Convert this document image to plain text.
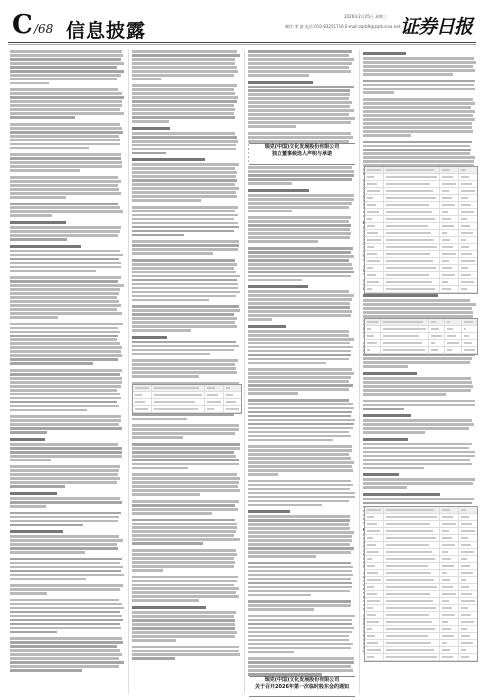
C /68 信息披露
2026年2月25日 星期三
制作:李 波 电话:010-83251716 E-mail:zqrb9@zqrb.sina.net 证券日报
瑞克(中国)文化发展股份有限公司
独立董事候选人声明与承诺
瑞克(中国)文化发展股份有限公司
关于召开2026年第一次临时股东会的通知
